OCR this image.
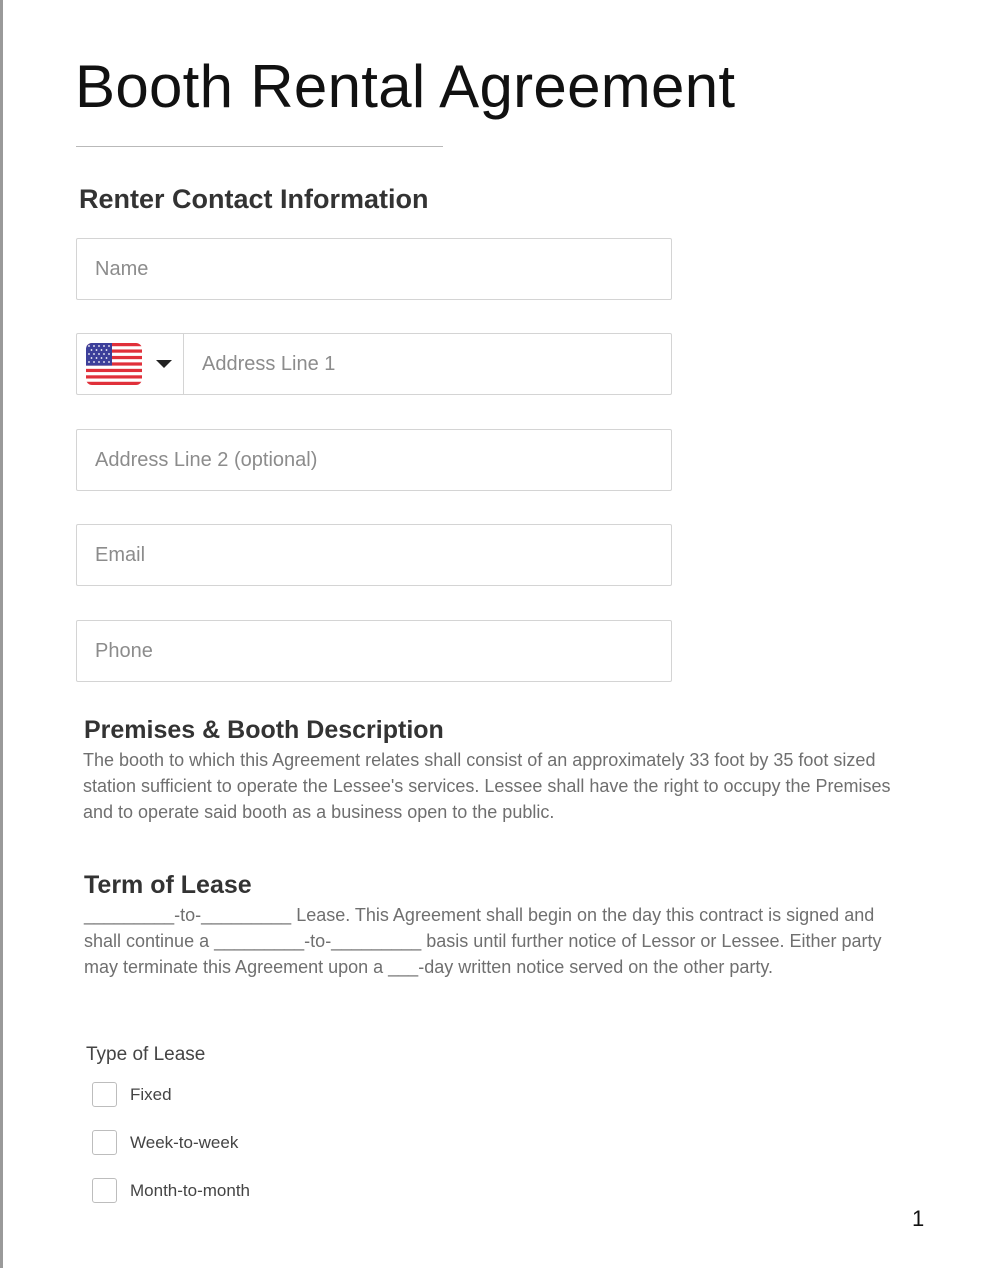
Booth Rental Agreement
Renter Contact Information
Name
Address Line 1
Address Line 2 (optional)
Email
Phone
Premises & Booth Description

The booth to which this Agreement relates shall consist of an approximately 33 foot by 35 foot sized station sufficient to operate the Lessee's services. Lessee shall have the right to occupy the Premises and to operate said booth as a business open to the public.

Term of Lease

_________-to-_________ Lease. This Agreement shall begin on the day this contract is signed and shall continue a _________-to-_________ basis until further notice of Lessor or Lessee. Either party may terminate this Agreement upon a ___-day written notice served on the other party.

Type of Lease

Fixed
Week-to-week
Month-to-month
1
